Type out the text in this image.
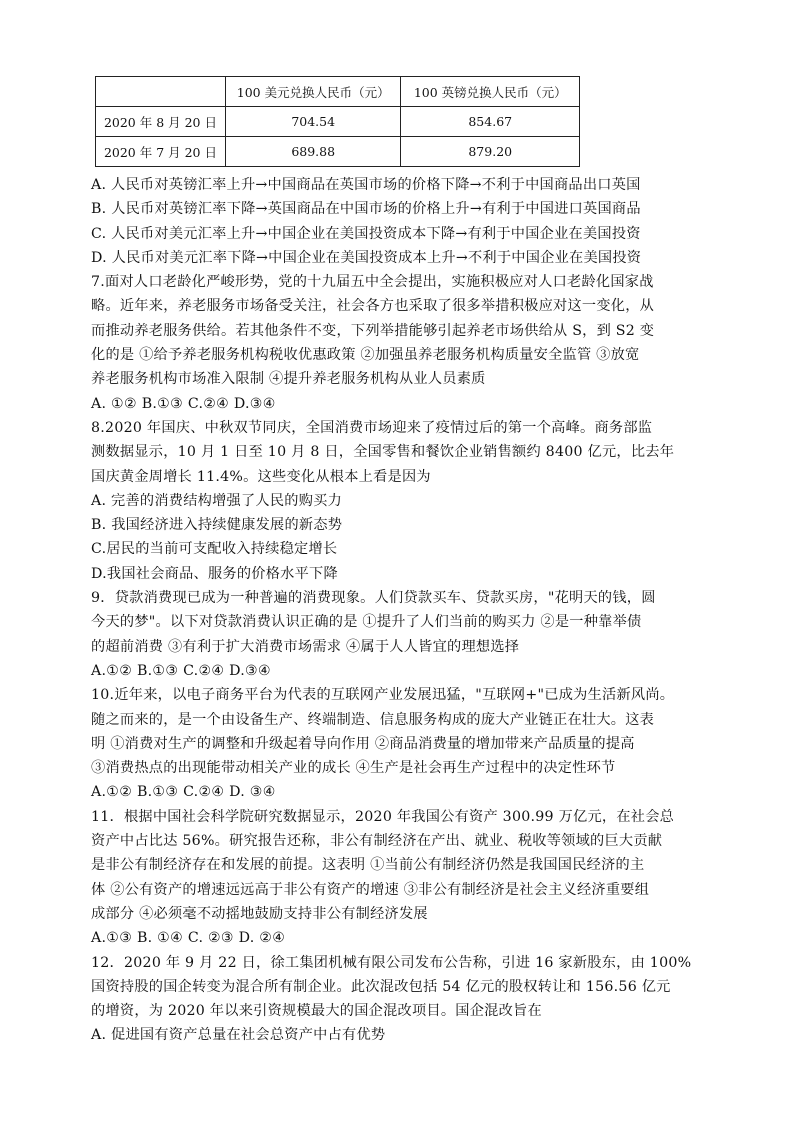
	100 美元兑换人民币（元）	100 英镑兑换人民币（元）
2020 年 8 月 20 日	704.54	854.67
2020 年 7 月 20 日	689.88	879.20
A. 人民币对英镑汇率上升→中国商品在英国市场的价格下降→不利于中国商品出口英国
B. 人民币对英镑汇率下降→英国商品在中国市场的价格上升→有利于中国进口英国商品
C. 人民币对美元汇率上升→中国企业在美国投资成本下降→有利于中国企业在美国投资
D. 人民币对美元汇率下降→中国企业在美国投资成本上升→不利于中国企业在美国投资
7.面对人口老龄化严峻形势，党的十九届五中全会提出，实施积极应对人口老龄化国家战
略。近年来，养老服务市场备受关注，社会各方也采取了很多举措积极应对这一变化，从
而推动养老服务供给。若其他条件不变，下列举措能够引起养老市场供给从 S，到 S2 变
化的是 ①给予养老服务机构税收优惠政策 ②加强虽养老服务机构质量安全监管 ③放宽
养老服务机构市场准入限制 ④提升养老服务机构从业人员素质
A. ①② B.①③ C.②④ D.③④
8.2020 年国庆、中秋双节同庆，全国消费市场迎来了疫情过后的第一个高峰。商务部监
测数据显示，10 月 1 日至 10 月 8 日，全国零售和餐饮企业销售额约 8400 亿元，比去年
国庆黄金周增长 11.4%。这些变化从根本上看是因为
A. 完善的消费结构增强了人民的购买力
B. 我国经济进入持续健康发展的新态势
C.居民的当前可支配收入持续稳定增长
D.我国社会商品、服务的价格水平下降
9．贷款消费现已成为一种普遍的消费现象。人们贷款买车、贷款买房，"花明天的钱，圆
今天的梦"。以下对贷款消费认识正确的是 ①提升了人们当前的购买力 ②是一种靠举债
的超前消费 ③有利于扩大消费市场需求 ④属于人人皆宜的理想选择
A.①② B.①③ C.②④ D.③④
10.近年来，以电子商务平台为代表的互联网产业发展迅猛，"互联网+"已成为生活新风尚。
随之而来的，是一个由设备生产、终端制造、信息服务构成的庞大产业链正在壮大。这表
明 ①消费对生产的调整和升级起着导向作用 ②商品消费量的增加带来产品质量的提高
③消费热点的出现能带动相关产业的成长 ④生产是社会再生产过程中的决定性环节
A.①② B.①③ C.②④ D. ③④
11．根据中国社会科学院研究数据显示，2020 年我国公有资产 300.99 万亿元，在社会总
资产中占比达 56%。研究报告还称，非公有制经济在产出、就业、税收等领域的巨大贡献
是非公有制经济存在和发展的前提。这表明 ①当前公有制经济仍然是我国国民经济的主
体 ②公有资产的增速远远高于非公有资产的增速 ③非公有制经济是社会主义经济重要组
成部分 ④必须毫不动摇地鼓励支持非公有制经济发展
A.①③ B. ①④ C. ②③ D. ②④
12．2020 年 9 月 22 日，徐工集团机械有限公司发布公告称，引进 16 家新股东，由 100%
国资持股的国企转变为混合所有制企业。此次混改包括 54 亿元的股权转让和 156.56 亿元
的增资，为 2020 年以来引资规模最大的国企混改项目。国企混改旨在
A. 促进国有资产总量在社会总资产中占有优势
